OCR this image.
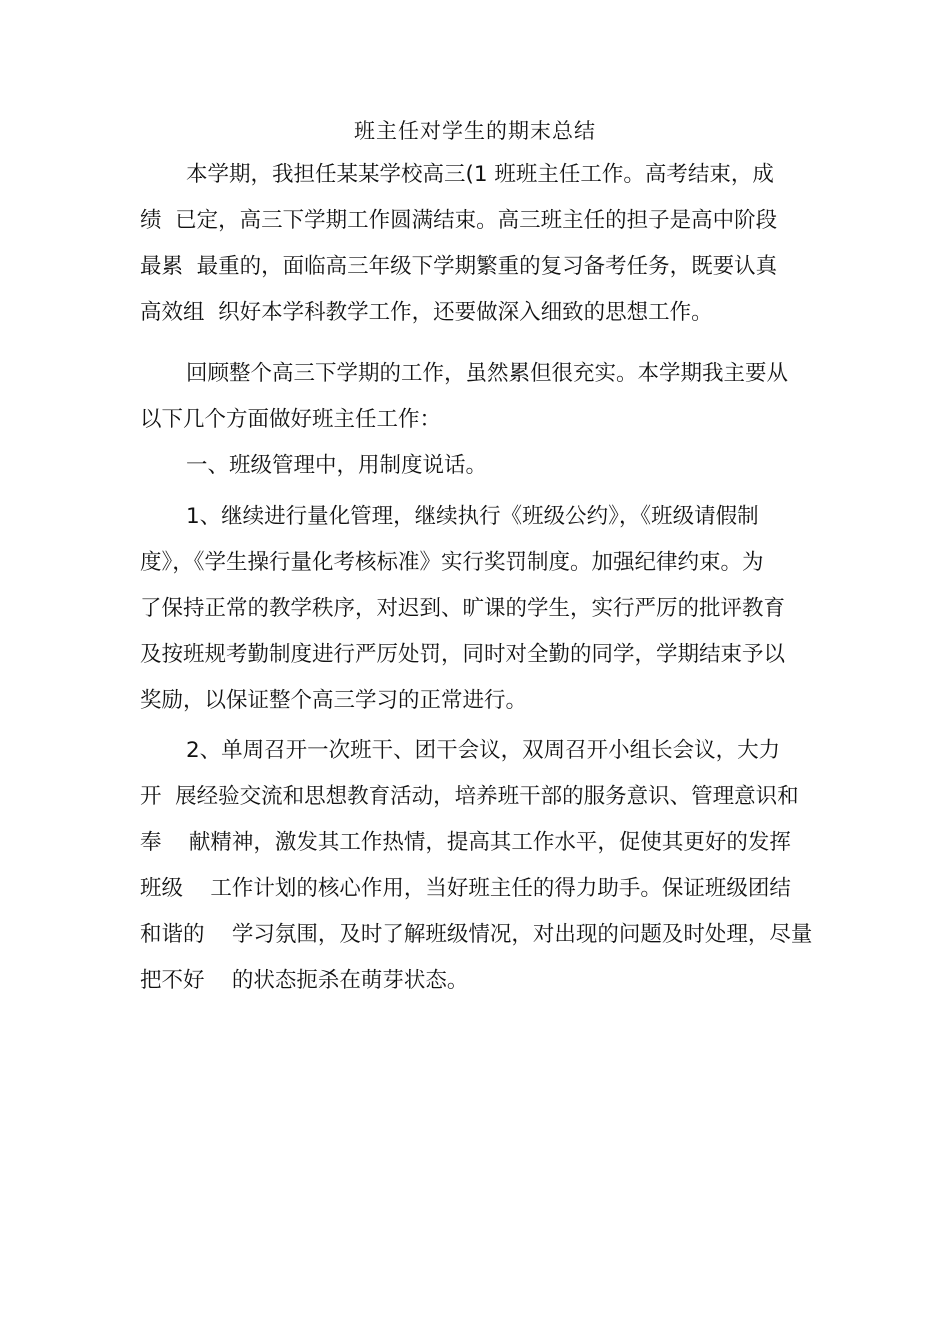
班主任对学生的期末总结
本学期，我担任某某学校高三(1 班班主任工作。高考结束，成
绩  已定，高三下学期工作圆满结束。高三班主任的担子是高中阶段
最累  最重的，面临高三年级下学期繁重的复习备考任务，既要认真
高效组  织好本学科教学工作，还要做深入细致的思想工作。
回顾整个高三下学期的工作，虽然累但很充实。本学期我主要从
以下几个方面做好班主任工作：
一、班级管理中，用制度说话。
1、继续进行量化管理，继续执行《班级公约》，《班级请假制
度》，《学生操行量化考核标准》实行奖罚制度。加强纪律约束。为
了保持正常的教学秩序，对迟到、旷课的学生，实行严厉的批评教育
及按班规考勤制度进行严厉处罚，同时对全勤的同学，学期结束予以
奖励，以保证整个高三学习的正常进行。
2、单周召开一次班干、团干会议，双周召开小组长会议，大力
开  展经验交流和思想教育活动，培养班干部的服务意识、管理意识和
奉    献精神，激发其工作热情，提高其工作水平，促使其更好的发挥
班级    工作计划的核心作用，当好班主任的得力助手。保证班级团结
和谐的    学习氛围，及时了解班级情况，对出现的问题及时处理，尽量
把不好    的状态扼杀在萌芽状态。
